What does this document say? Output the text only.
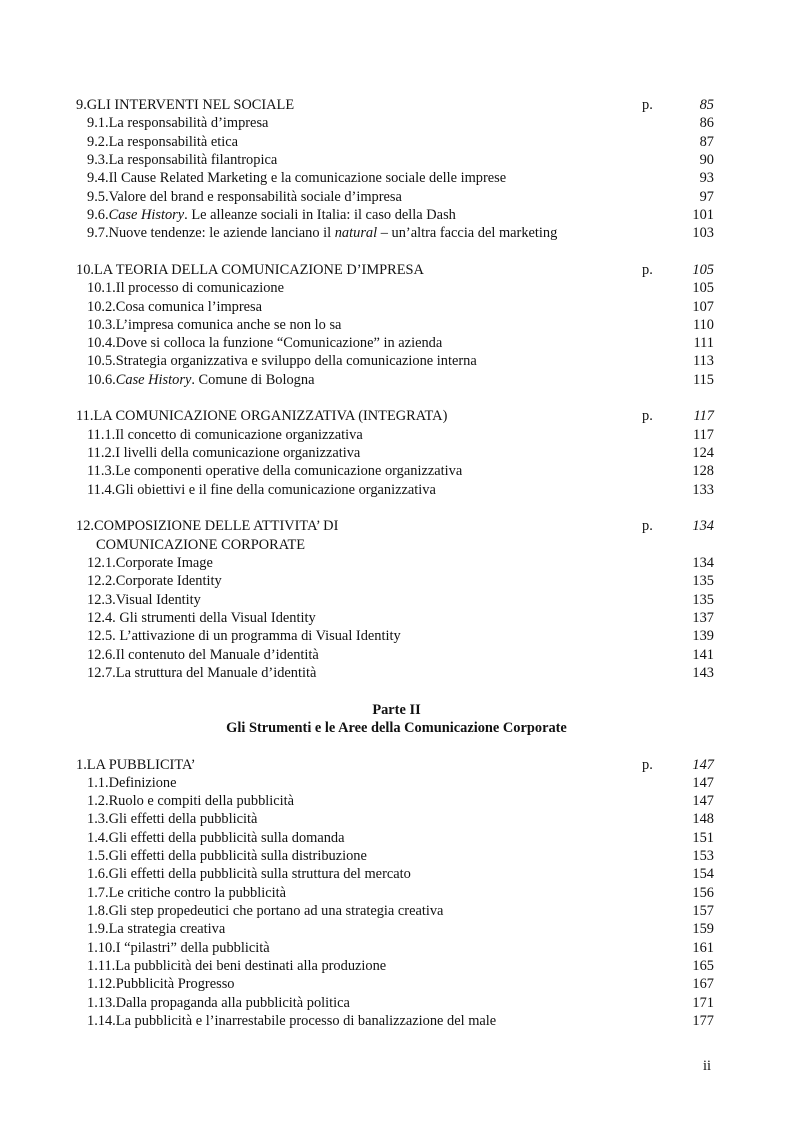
9.GLI INTERVENTI NEL SOCIALE	p.	85
9.1.La responsabilità d’impresa	86
9.2.La responsabilità etica	87
9.3.La responsabilità filantropica	90
9.4.Il Cause Related Marketing e la comunicazione sociale delle imprese	93
9.5.Valore del brand e responsabilità sociale d’impresa	97
9.6.Case History. Le alleanze sociali in Italia: il caso della Dash	101
9.7.Nuove tendenze: le aziende lanciano il natural – un’altra faccia del marketing	103
10.LA TEORIA DELLA COMUNICAZIONE D’IMPRESA	p.	105
10.1.Il processo di comunicazione	105
10.2.Cosa comunica l’impresa	107
10.3.L’impresa comunica anche se non lo sa	110
10.4.Dove si colloca la funzione “Comunicazione” in azienda	111
10.5.Strategia organizzativa e sviluppo della comunicazione interna	113
10.6.Case History. Comune di Bologna	115
11.LA COMUNICAZIONE ORGANIZZATIVA (INTEGRATA)	p.	117
11.1.Il concetto di comunicazione organizzativa	117
11.2.I livelli della comunicazione organizzativa	124
11.3.Le componenti operative della comunicazione organizzativa	128
11.4.Gli obiettivi e il fine della comunicazione organizzativa	133
12.COMPOSIZIONE DELLE ATTIVITA’ DI	p.	134
COMUNICAZIONE CORPORATE
12.1.Corporate Image	134
12.2.Corporate Identity	135
12.3.Visual Identity	135
12.4. Gli strumenti della Visual Identity	137
12.5. L’attivazione di un programma di Visual Identity	139
12.6.Il contenuto del Manuale d’identità	141
12.7.La struttura del Manuale d’identità	143
Parte II
Gli Strumenti e le Aree della Comunicazione Corporate
1.LA PUBBLICITA’	p.	147
1.1.Definizione	147
1.2.Ruolo e compiti della pubblicità	147
1.3.Gli effetti della pubblicità	148
1.4.Gli effetti della pubblicità sulla domanda	151
1.5.Gli effetti della pubblicità sulla distribuzione	153
1.6.Gli effetti della pubblicità sulla struttura del mercato	154
1.7.Le critiche contro la pubblicità	156
1.8.Gli step propedeutici che portano ad una strategia creativa	157
1.9.La strategia creativa	159
1.10.I “pilastri” della pubblicità	161
1.11.La pubblicità dei beni destinati alla produzione	165
1.12.Pubblicità Progresso	167
1.13.Dalla propaganda alla pubblicità politica	171
1.14.La pubblicità e l’inarrestabile processo di banalizzazione del male	177
ii
